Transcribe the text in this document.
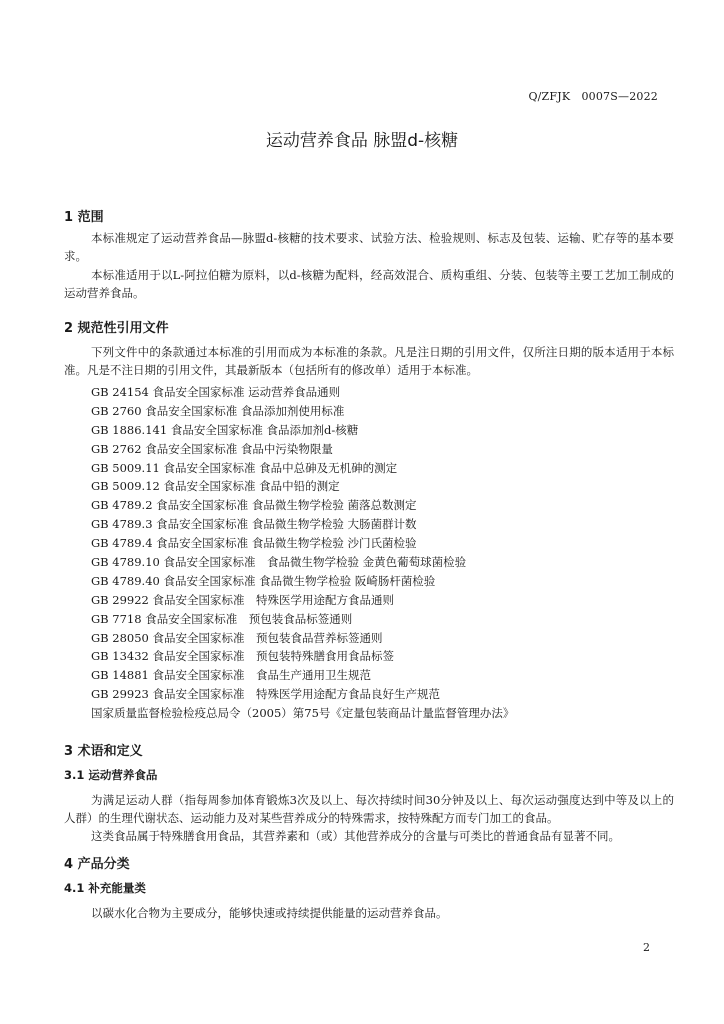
Q/ZFJK　0007S—2022
运动营养食品 脉盟d-核糖
1 范围
本标准规定了运动营养食品—脉盟d-核糖的技术要求、试验方法、检验规则、标志及包装、运输、贮存等的基本要求。
本标准适用于以L-阿拉伯糖为原料，以d-核糖为配料，经高效混合、质构重组、分装、包装等主要工艺加工制成的运动营养食品。
2 规范性引用文件
下列文件中的条款通过本标准的引用而成为本标准的条款。凡是注日期的引用文件，仅所注日期的版本适用于本标准。凡是不注日期的引用文件，其最新版本（包括所有的修改单）适用于本标准。
GB 24154 食品安全国家标准 运动营养食品通则
GB 2760 食品安全国家标准 食品添加剂使用标准
GB 1886.141 食品安全国家标准 食品添加剂d-核糖
GB 2762 食品安全国家标准 食品中污染物限量
GB 5009.11 食品安全国家标准 食品中总砷及无机砷的测定
GB 5009.12 食品安全国家标准 食品中铅的测定
GB 4789.2 食品安全国家标准 食品微生物学检验 菌落总数测定
GB 4789.3 食品安全国家标准 食品微生物学检验 大肠菌群计数
GB 4789.4 食品安全国家标准 食品微生物学检验 沙门氏菌检验
GB 4789.10 食品安全国家标准　食品微生物学检验 金黄色葡萄球菌检验
GB 4789.40 食品安全国家标准 食品微生物学检验 阪崎肠杆菌检验
GB 29922 食品安全国家标准　特殊医学用途配方食品通则
GB 7718 食品安全国家标准　预包装食品标签通则
GB 28050 食品安全国家标准　预包装食品营养标签通则
GB 13432 食品安全国家标准　预包装特殊膳食用食品标签
GB 14881 食品安全国家标准　食品生产通用卫生规范
GB 29923 食品安全国家标准　特殊医学用途配方食品良好生产规范
国家质量监督检验检疫总局令（2005）第75号《定量包装商品计量监督管理办法》
3 术语和定义
3.1 运动营养食品
为满足运动人群（指每周参加体育锻炼3次及以上、每次持续时间30分钟及以上、每次运动强度达到中等及以上的人群）的生理代谢状态、运动能力及对某些营养成分的特殊需求，按特殊配方而专门加工的食品。
这类食品属于特殊膳食用食品，其营养素和（或）其他营养成分的含量与可类比的普通食品有显著不同。
4 产品分类
4.1 补充能量类
以碳水化合物为主要成分，能够快速或持续提供能量的运动营养食品。
2
